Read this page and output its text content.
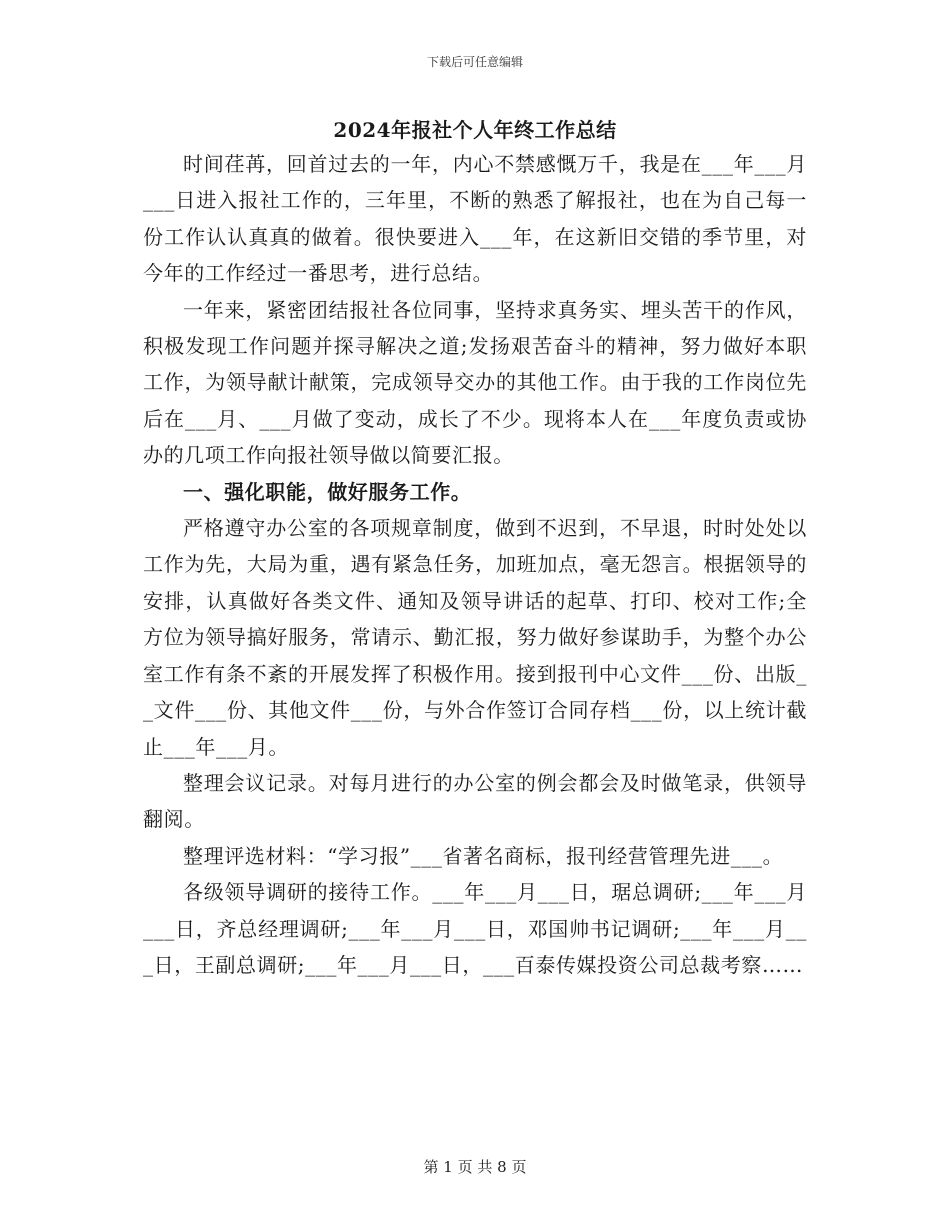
下载后可任意编辑
2024年报社个人年终工作总结

时间荏苒，回首过去的一年，内心不禁感慨万千，我是在___年___月___日进入报社工作的，三年里，不断的熟悉了解报社，也在为自己每一份工作认认真真的做着。很快要进入___年，在这新旧交错的季节里，对今年的工作经过一番思考，进行总结。

一年来，紧密团结报社各位同事，坚持求真务实、埋头苦干的作风，积极发现工作问题并探寻解决之道;发扬艰苦奋斗的精神，努力做好本职工作，为领导献计献策，完成领导交办的其他工作。由于我的工作岗位先后在___月、___月做了变动，成长了不少。现将本人在___年度负责或协办的几项工作向报社领导做以简要汇报。

一、强化职能，做好服务工作。

严格遵守办公室的各项规章制度，做到不迟到，不早退，时时处处以工作为先，大局为重，遇有紧急任务，加班加点，毫无怨言。根据领导的安排，认真做好各类文件、通知及领导讲话的起草、打印、校对工作;全方位为领导搞好服务，常请示、勤汇报，努力做好参谋助手，为整个办公室工作有条不紊的开展发挥了积极作用。接到报刊中心文件___份、出版__文件___份、其他文件___份，与外合作签订合同存档___份，以上统计截止___年___月。

整理会议记录。对每月进行的办公室的例会都会及时做笔录，供领导翻阅。

整理评选材料：“学习报”___省著名商标，报刊经营管理先进___。

各级领导调研的接待工作。___年___月___日，琚总调研;___年___月___日，齐总经理调研;___年___月___日，邓国帅书记调研;___年___月___日，王副总调研;___年___月___日，___百泰传媒投资公司总裁考察……

第 1 页 共 8 页
